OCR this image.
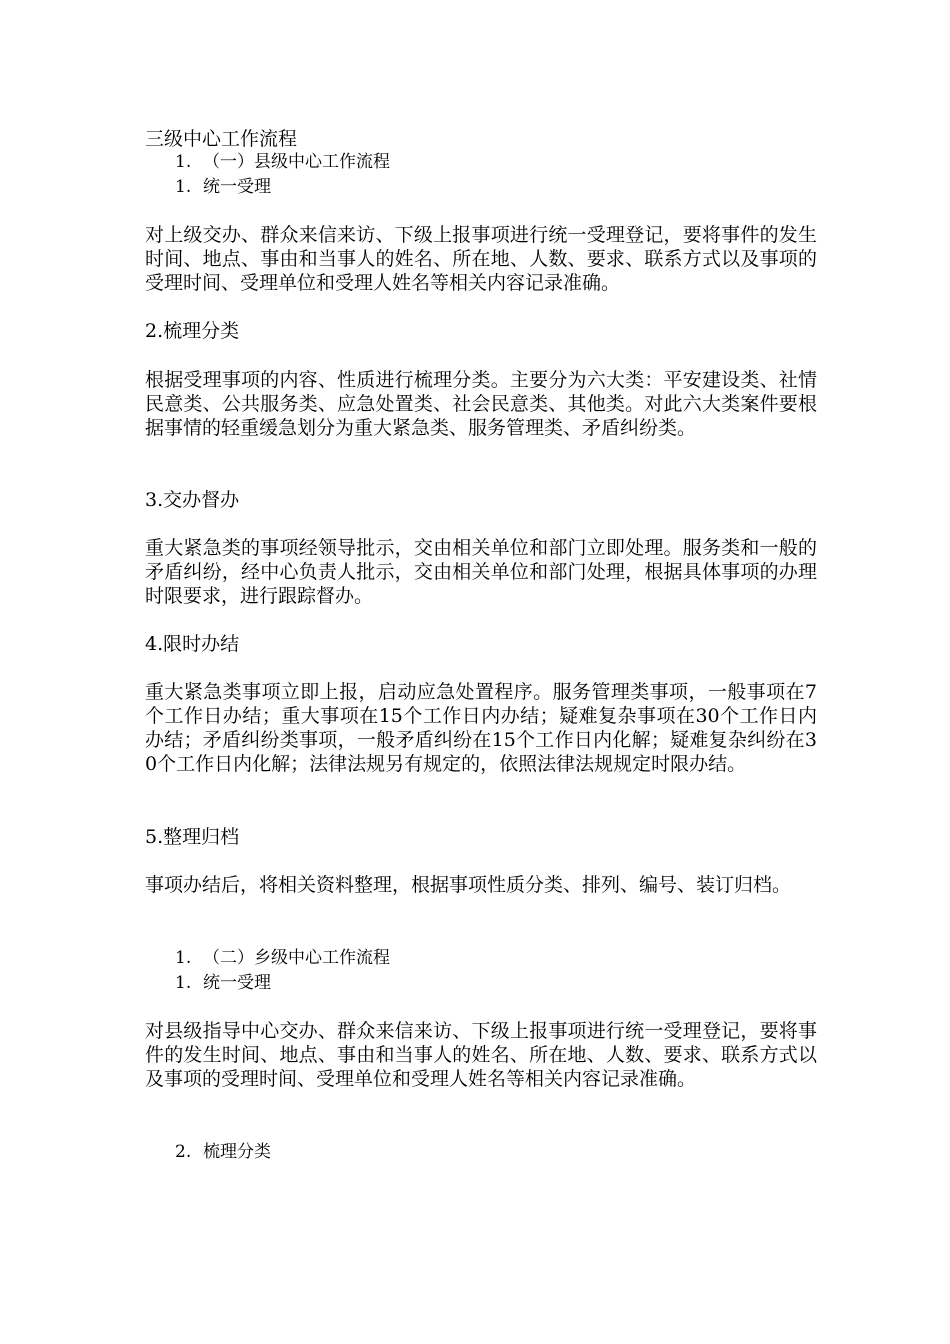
三级中心工作流程
1. （一）县级中心工作流程
1. 统一受理
对上级交办、群众来信来访、下级上报事项进行统一受理登记，要将事件的发生时间、地点、事由和当事人的姓名、所在地、人数、要求、联系方式以及事项的受理时间、受理单位和受理人姓名等相关内容记录准确。
2.梳理分类
根据受理事项的内容、性质进行梳理分类。主要分为六大类：平安建设类、社情民意类、公共服务类、应急处置类、社会民意类、其他类。对此六大类案件要根据事情的轻重缓急划分为重大紧急类、服务管理类、矛盾纠纷类。
3.交办督办
重大紧急类的事项经领导批示，交由相关单位和部门立即处理。服务类和一般的矛盾纠纷，经中心负责人批示，交由相关单位和部门处理，根据具体事项的办理时限要求，进行跟踪督办。
4.限时办结
重大紧急类事项立即上报，启动应急处置程序。服务管理类事项，一般事项在7个工作日办结；重大事项在15个工作日内办结；疑难复杂事项在30个工作日内办结；矛盾纠纷类事项，一般矛盾纠纷在15个工作日内化解；疑难复杂纠纷在30个工作日内化解；法律法规另有规定的，依照法律法规规定时限办结。
5.整理归档
事项办结后，将相关资料整理，根据事项性质分类、排列、编号、装订归档。
1. （二）乡级中心工作流程
1. 统一受理
对县级指导中心交办、群众来信来访、下级上报事项进行统一受理登记，要将事件的发生时间、地点、事由和当事人的姓名、所在地、人数、要求、联系方式以及事项的受理时间、受理单位和受理人姓名等相关内容记录准确。
2. 梳理分类
